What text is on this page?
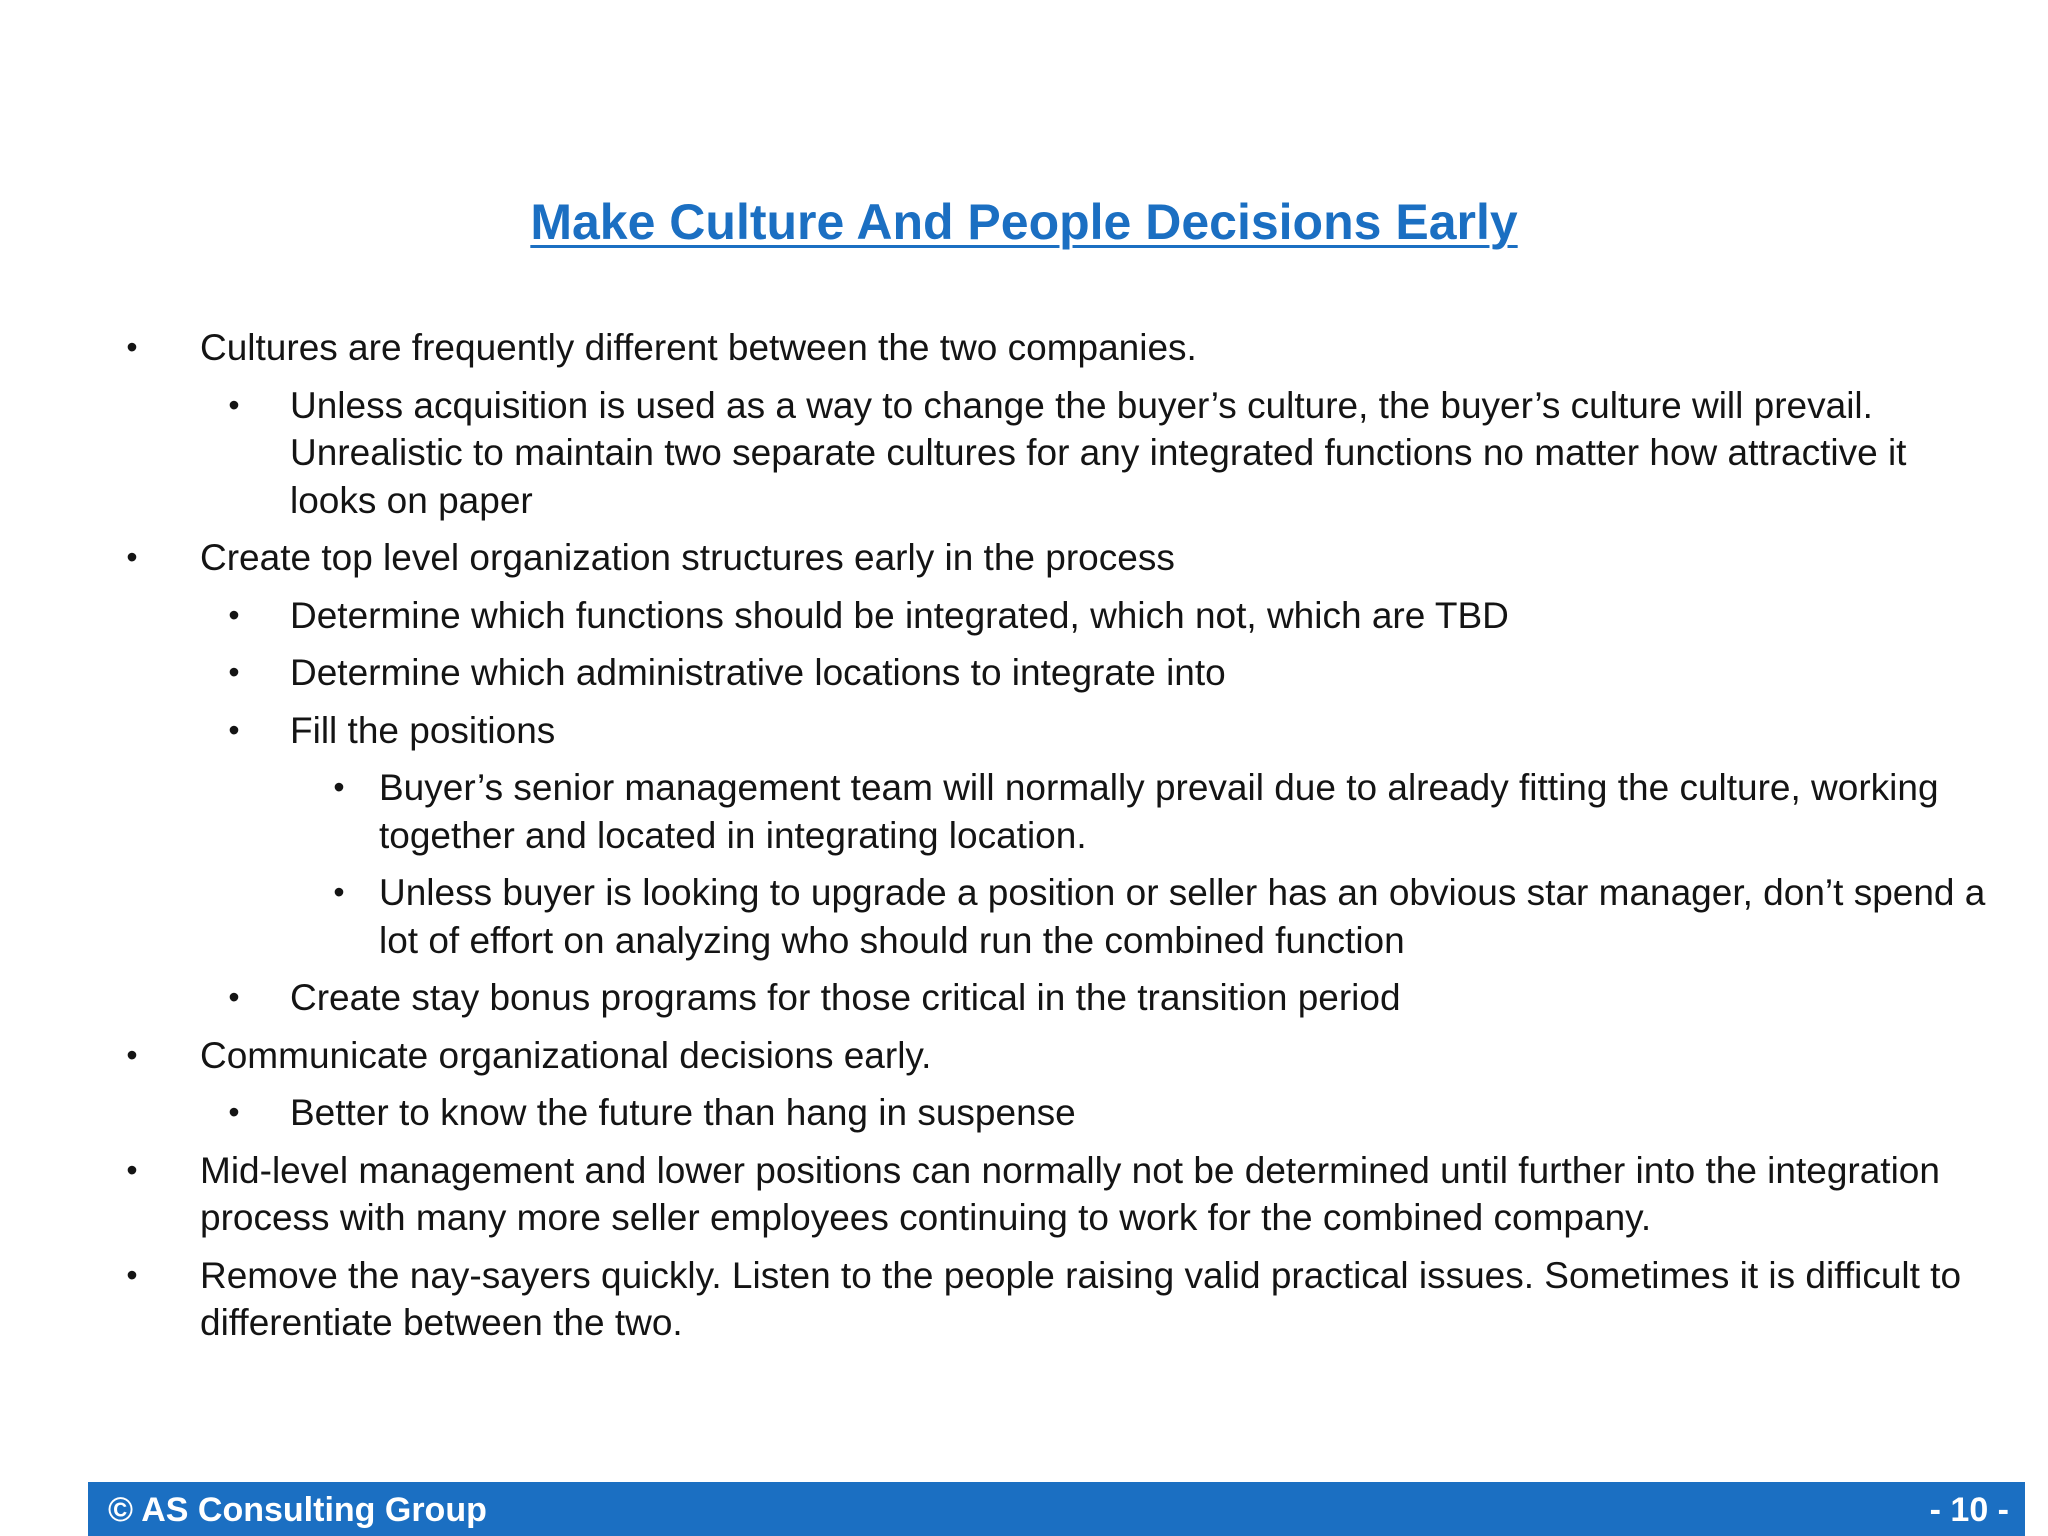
Make Culture And People Decisions Early
• Cultures are frequently different between the two companies.
• Unless acquisition is used as a way to change the buyer’s culture, the buyer’s culture will prevail. Unrealistic to maintain two separate cultures for any integrated functions no matter how attractive it looks on paper
• Create top level organization structures early in the process
• Determine which functions should be integrated, which not, which are TBD
• Determine which administrative locations to integrate into
• Fill the positions
• Buyer’s senior management team will normally prevail due to already fitting the culture, working together and located in integrating location.
• Unless buyer is looking to upgrade a position or seller has an obvious star manager, don’t spend a lot of effort on analyzing who should run the combined function
• Create stay bonus programs for those critical in the transition period
• Communicate organizational decisions early.
• Better to know the future than hang in suspense
• Mid-level management and lower positions can normally not be determined until further into the integration process with many more seller employees continuing to work for the combined company.
• Remove the nay-sayers quickly. Listen to the people raising valid practical issues. Sometimes it is difficult to differentiate between the two.
© AS Consulting Group	- 10 -
